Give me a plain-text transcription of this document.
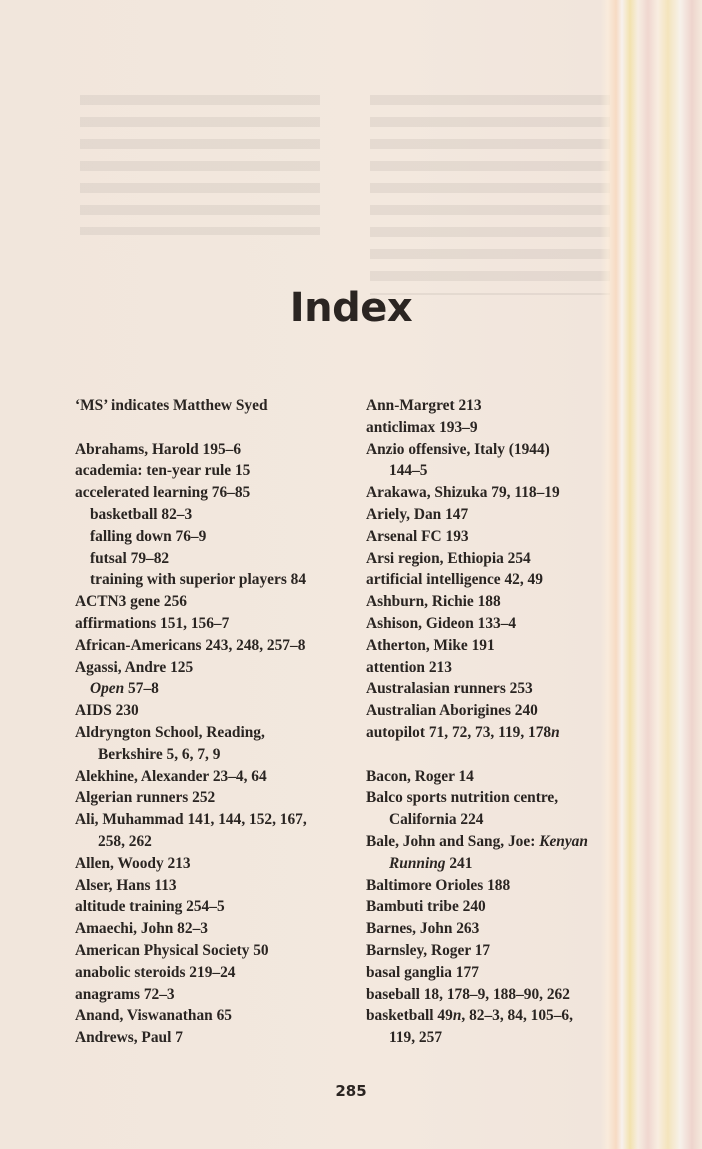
Index
‘MS’ indicates Matthew Syed
Abrahams, Harold 195–6
academia: ten-year rule 15
accelerated learning 76–85
basketball 82–3
falling down 76–9
futsal 79–82
training with superior players 84
ACTN3 gene 256
affirmations 151, 156–7
African-Americans 243, 248, 257–8
Agassi, Andre 125
Open 57–8
AIDS 230
Aldryngton School, Reading,
Berkshire 5, 6, 7, 9
Alekhine, Alexander 23–4, 64
Algerian runners 252
Ali, Muhammad 141, 144, 152, 167,
258, 262
Allen, Woody 213
Alser, Hans 113
altitude training 254–5
Amaechi, John 82–3
American Physical Society 50
anabolic steroids 219–24
anagrams 72–3
Anand, Viswanathan 65
Andrews, Paul 7
Ann-Margret 213
anticlimax 193–9
Anzio offensive, Italy (1944)
144–5
Arakawa, Shizuka 79, 118–19
Ariely, Dan 147
Arsenal FC 193
Arsi region, Ethiopia 254
artificial intelligence 42, 49
Ashburn, Richie 188
Ashison, Gideon 133–4
Atherton, Mike 191
attention 213
Australasian runners 253
Australian Aborigines 240
autopilot 71, 72, 73, 119, 178n
Bacon, Roger 14
Balco sports nutrition centre,
California 224
Bale, John and Sang, Joe: Kenyan
Running 241
Baltimore Orioles 188
Bambuti tribe 240
Barnes, John 263
Barnsley, Roger 17
basal ganglia 177
baseball 18, 178–9, 188–90, 262
basketball 49n, 82–3, 84, 105–6,
119, 257
285
